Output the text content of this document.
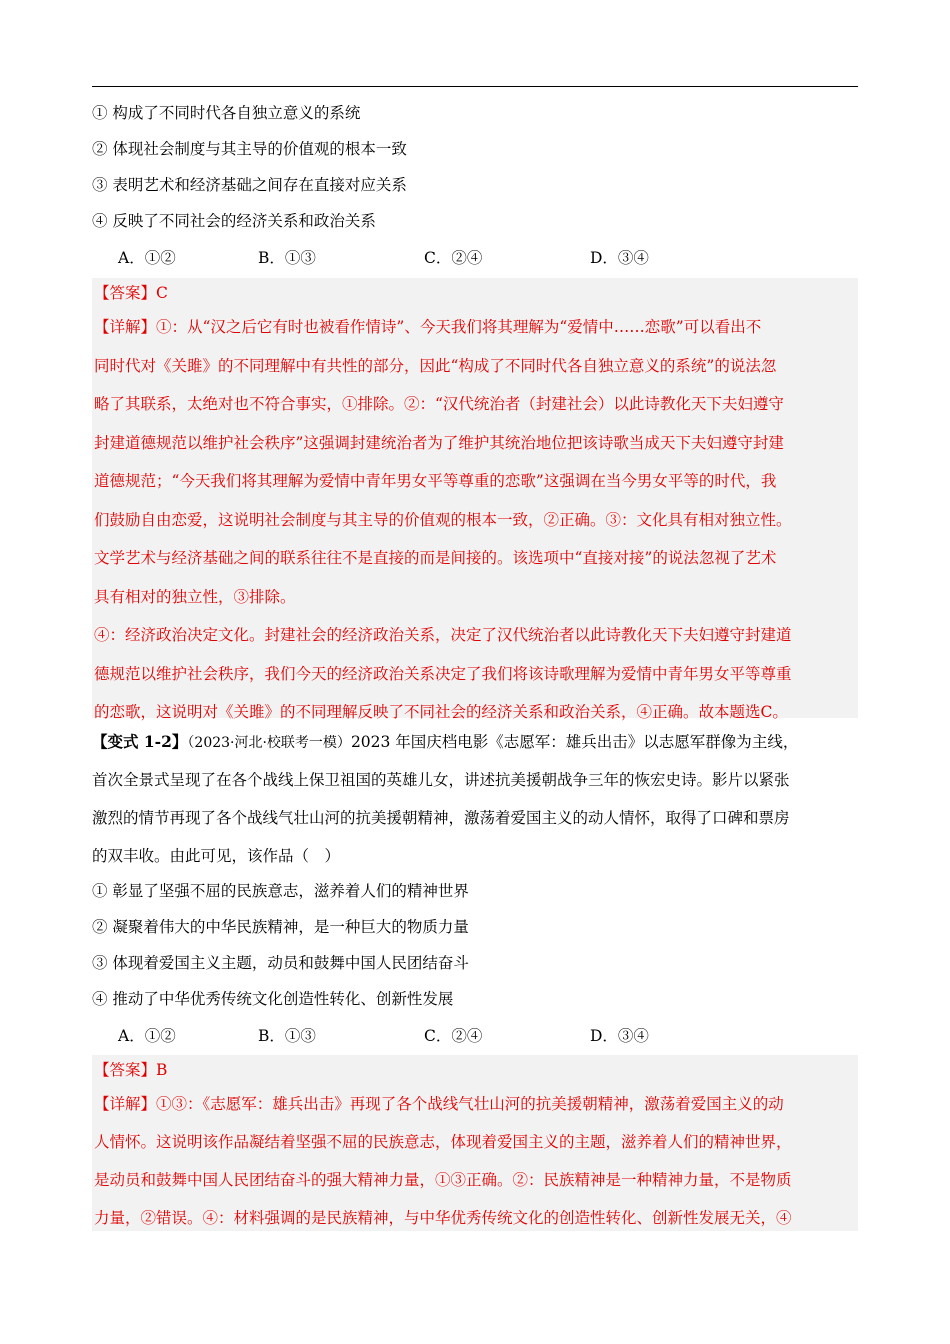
① 构成了不同时代各自独立意义的系统
② 体现社会制度与其主导的价值观的根本一致
③ 表明艺术和经济基础之间存在直接对应关系
④ 反映了不同社会的经济关系和政治关系
A．①②	B．①③	C．②④	D．③④
【答案】C
【详解】①：从“汉之后它有时也被看作情诗”、今天我们将其理解为“爱情中……恋歌”可以看出不
同时代对《关雎》的不同理解中有共性的部分，因此“构成了不同时代各自独立意义的系统”的说法忽
略了其联系，太绝对也不符合事实，①排除。②：“汉代统治者（封建社会）以此诗教化天下夫妇遵守
封建道德规范以维护社会秩序”这强调封建统治者为了维护其统治地位把该诗歌当成天下夫妇遵守封建
道德规范；“今天我们将其理解为爱情中青年男女平等尊重的恋歌”这强调在当今男女平等的时代，我
们鼓励自由恋爱，这说明社会制度与其主导的价值观的根本一致，②正确。③：文化具有相对独立性。
文学艺术与经济基础之间的联系往往不是直接的而是间接的。该选项中“直接对接”的说法忽视了艺术
具有相对的独立性，③排除。
④：经济政治决定文化。封建社会的经济政治关系，决定了汉代统治者以此诗教化天下夫妇遵守封建道
德规范以维护社会秩序，我们今天的经济政治关系决定了我们将该诗歌理解为爱情中青年男女平等尊重
的恋歌，这说明对《关雎》的不同理解反映了不同社会的经济关系和政治关系，④正确。故本题选C。
【变式 1-2】（2023·河北·校联考一模）2023 年国庆档电影《志愿军：雄兵出击》以志愿军群像为主线，
首次全景式呈现了在各个战线上保卫祖国的英雄儿女，讲述抗美援朝战争三年的恢宏史诗。影片以紧张
激烈的情节再现了各个战线气壮山河的抗美援朝精神，激荡着爱国主义的动人情怀，取得了口碑和票房
的双丰收。由此可见，该作品（　）
① 彰显了坚强不屈的民族意志，滋养着人们的精神世界
② 凝聚着伟大的中华民族精神，是一种巨大的物质力量
③ 体现着爱国主义主题，动员和鼓舞中国人民团结奋斗
④ 推动了中华优秀传统文化创造性转化、创新性发展
A．①②	B．①③	C．②④	D．③④
【答案】B
【详解】①③：《志愿军：雄兵出击》再现了各个战线气壮山河的抗美援朝精神，激荡着爱国主义的动
人情怀。这说明该作品凝结着坚强不屈的民族意志，体现着爱国主义的主题，滋养着人们的精神世界，
是动员和鼓舞中国人民团结奋斗的强大精神力量，①③正确。②：民族精神是一种精神力量，不是物质
力量，②错误。④：材料强调的是民族精神，与中华优秀传统文化的创造性转化、创新性发展无关，④
